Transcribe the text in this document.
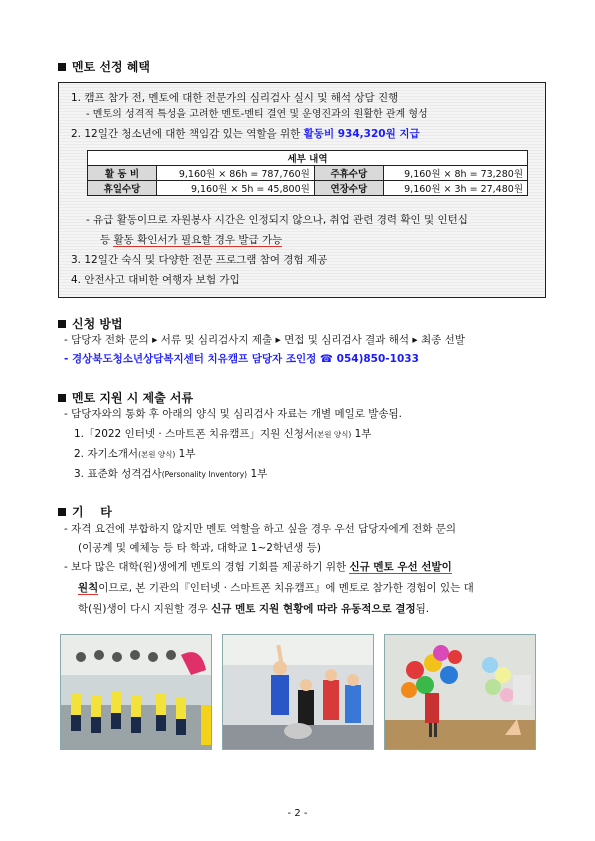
멘토 선정 혜택
1. 캠프 참가 전, 멘토에 대한 전문가의 심리검사 실시 및 해석 상담 진행
- 멘토의 성격적 특성을 고려한 멘토-멘티 결연 및 운영진과의 원활한 관계 형성
2. 12일간 청소년에 대한 책임감 있는 역할을 위한 활동비 934,320원 지급
세부 내역			
활 동 비	9,160원 × 86h = 787,760원	주휴수당	9,160원 × 8h = 73,280원
휴일수당	9,160원 × 5h = 45,800원	연장수당	9,160원 × 3h = 27,480원
- 유급 활동이므로 자원봉사 시간은 인정되지 않으나, 취업 관련 경력 확인 및 인턴십
등 활동 확인서가 필요할 경우 발급 가능
3. 12일간 숙식 및 다양한 전문 프로그램 참여 경험 제공
4. 안전사고 대비한 여행자 보험 가입
신청 방법
- 담당자 전화 문의 ▸ 서류 및 심리검사지 제출 ▸ 면접 및 심리검사 결과 해석 ▸ 최종 선발
- 경상북도청소년상담복지센터 치유캠프 담당자 조인정 ☎ 054)850-1033
멘토 지원 시 제출 서류
- 담당자와의 통화 후 아래의 양식 및 심리검사 자료는 개별 메일로 발송됨.
1.「2022 인터넷 · 스마트폰 치유캠프」지원 신청서(본원 양식) 1부
2. 자기소개서(본원 양식) 1부
3. 표준화 성격검사(Personality Inventory) 1부
기    타
- 자격 요건에 부합하지 않지만 멘토 역할을 하고 싶을 경우 우선 담당자에게 전화 문의
(이공계 및 예체능 등 타 학과, 대학교 1~2학년생 등)
- 보다 많은 대학(원)생에게 멘토의 경험 기회를 제공하기 위한 신규 멘토 우선 선발이
원칙이므로, 본 기관의『인터넷 · 스마트폰 치유캠프』에 멘토로 참가한 경험이 있는 대
학(원)생이 다시 지원할 경우 신규 멘토 지원 현황에 따라 유동적으로 결정됨.
- 2 -
